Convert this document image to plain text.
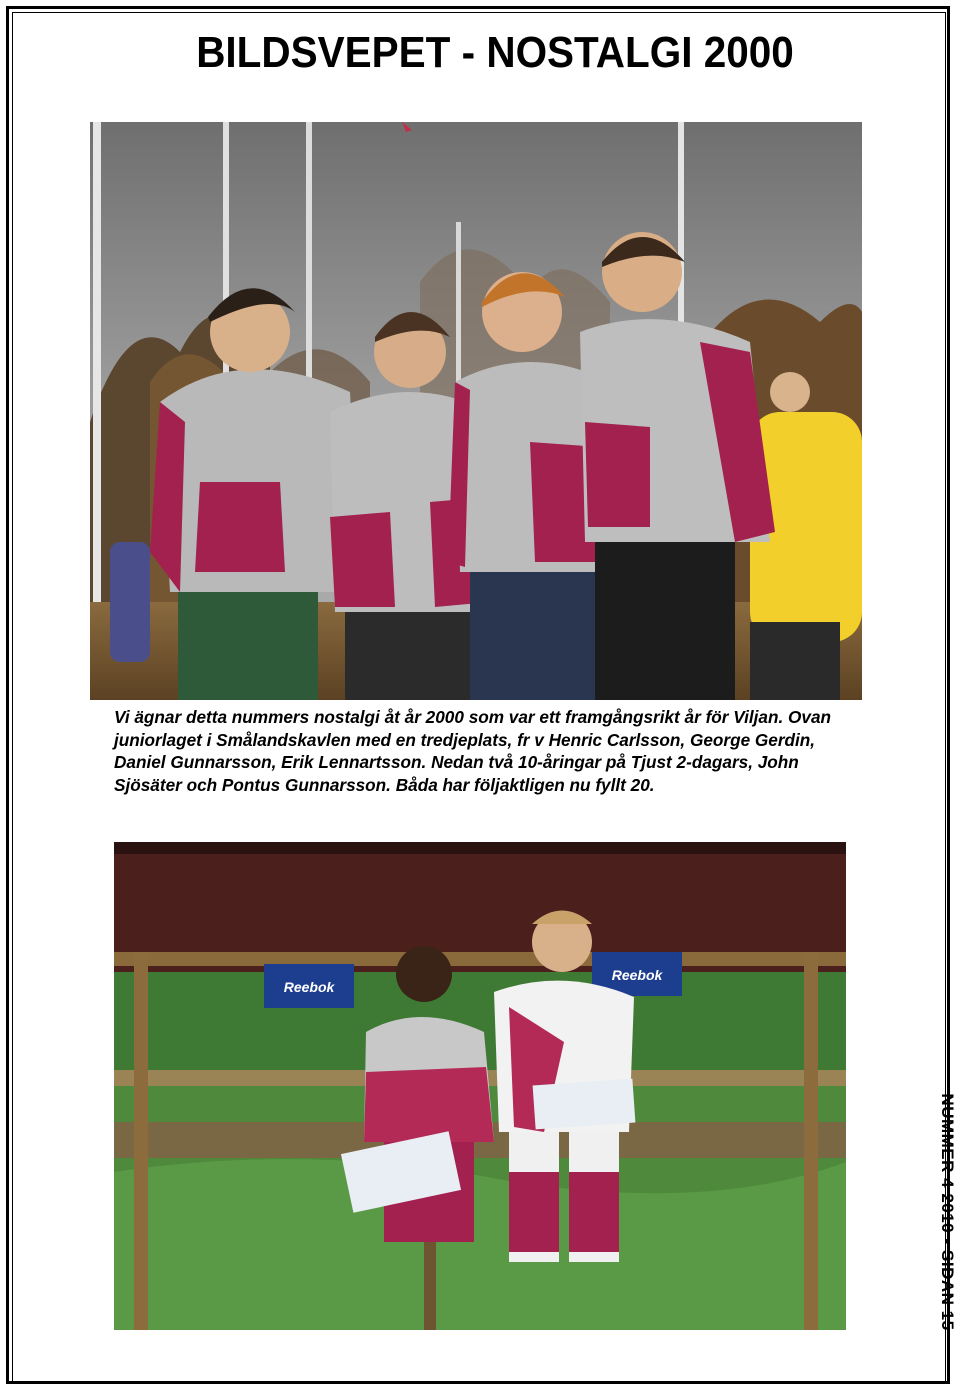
BILDSVEPET - NOSTALGI 2000
Vi ägnar detta nummers nostalgi åt år 2000 som var ett framgångsrikt år för Viljan. Ovan juniorlaget i Smålandskavlen med en tredjeplats, fr v Henric Carlsson, George Gerdin, Daniel Gunnarsson, Erik Lennartsson. Nedan två 10-åringar på Tjust 2-dagars, John Sjösäter och Pontus Gunnarsson. Båda har följaktligen nu fyllt 20.
Reebok
Reebok
NUMMER 4 2010 • SIDAN 15
